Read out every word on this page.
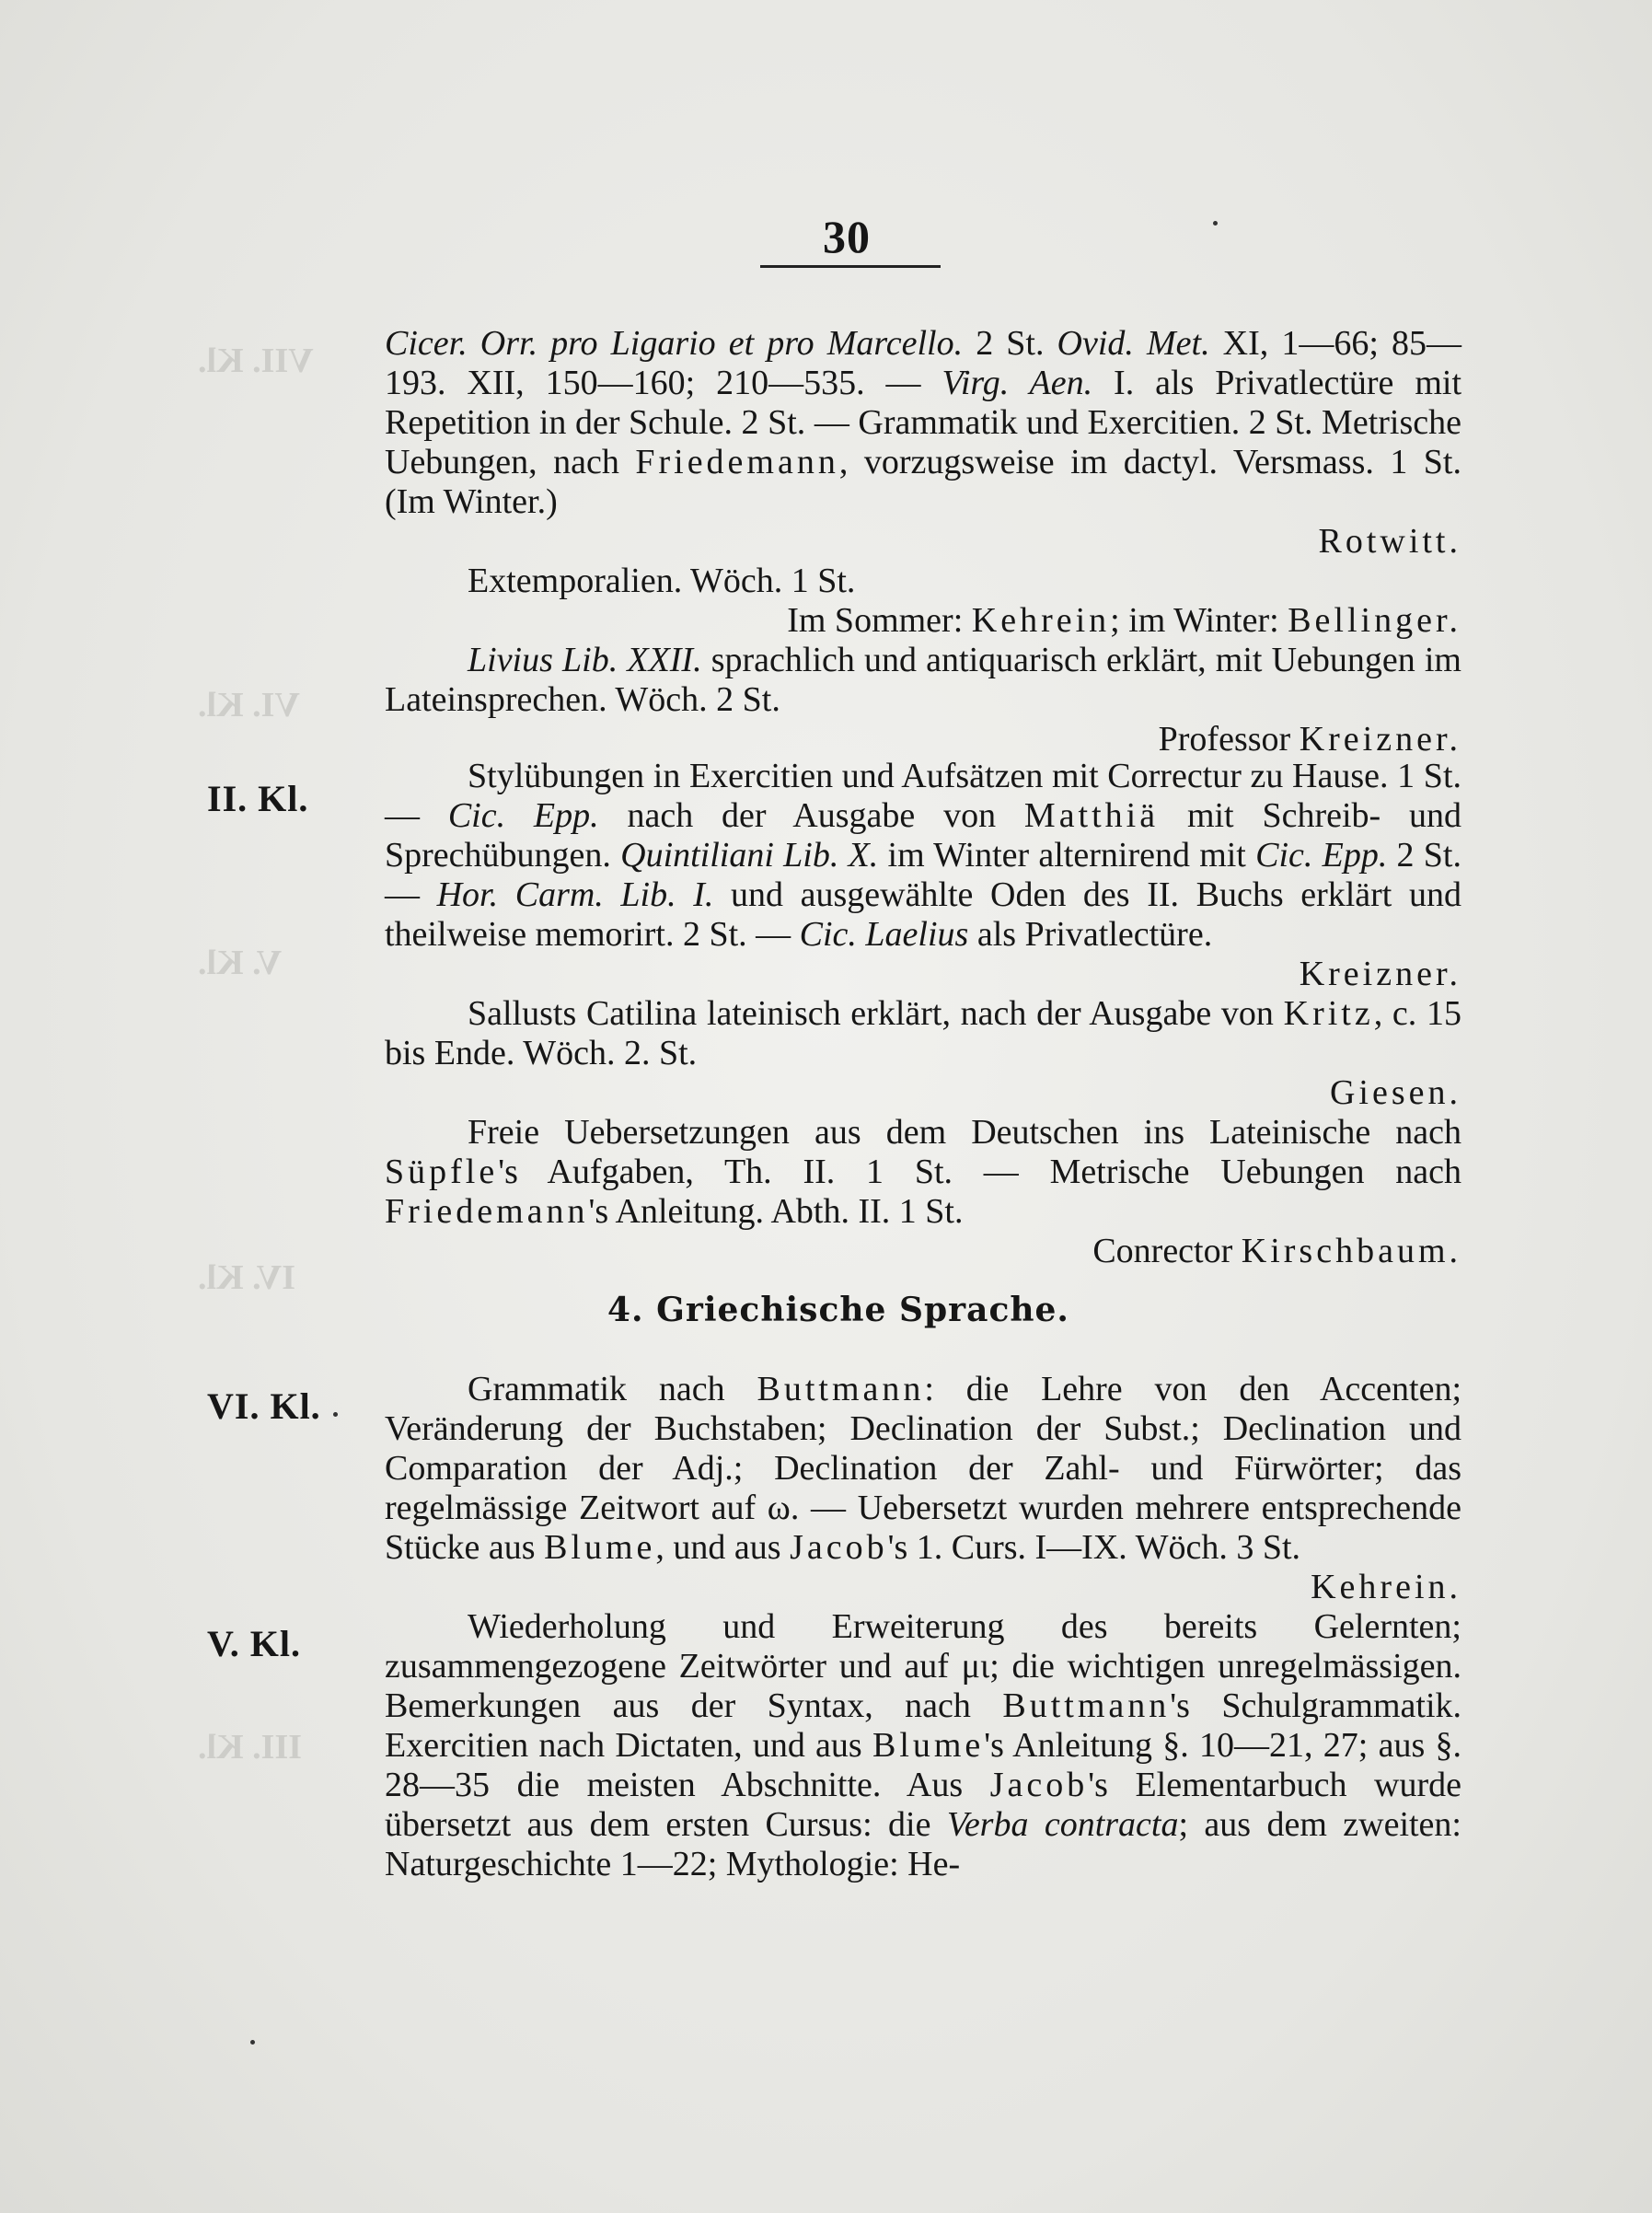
30
VII. Kl.
VI. Kl.
V. Kl.
IV. Kl.
III. Kl.
II. Kl.
VI. Kl.
V. Kl.

Cicer. Orr. pro Ligario et pro Marcello. 2 St. Ovid. Met. XI, 1—66; 85—193. XII, 150—160; 210—535. — Virg. Aen. I. als Privatlectüre mit Repetition in der Schule. 2 St. — Grammatik und Exercitien. 2 St. Metrische Uebungen, nach Friedemann, vorzugsweise im dactyl. Versmass. 1 St. (Im Winter.)

Rotwitt.

Extemporalien. Wöch. 1 St.

Im Sommer: Kehrein; im Winter: Bellinger.

Livius Lib. XXII. sprachlich und antiquarisch erklärt, mit Uebungen im Lateinsprechen. Wöch. 2 St.

Professor Kreizner.

Stylübungen in Exercitien und Aufsätzen mit Correctur zu Hause. 1 St. — Cic. Epp. nach der Ausgabe von Matthiä mit Schreib- und Sprechübungen. Quintiliani Lib. X. im Winter alternirend mit Cic. Epp. 2 St. — Hor. Carm. Lib. I. und ausgewählte Oden des II. Buchs erklärt und theilweise memorirt. 2 St. — Cic. Laelius als Privatlectüre.

Kreizner.

Sallusts Catilina lateinisch erklärt, nach der Ausgabe von Kritz, c. 15 bis Ende. Wöch. 2. St.

Giesen.

Freie Uebersetzungen aus dem Deutschen ins Lateinische nach Süpfle's Aufgaben, Th. II. 1 St. — Metrische Uebungen nach Friedemann's Anleitung. Abth. II. 1 St.

Conrector Kirschbaum.

4. Griechische Sprache.

Grammatik nach Buttmann: die Lehre von den Accenten; Veränderung der Buchstaben; Declination der Subst.; Declination und Comparation der Adj.; Declination der Zahl- und Fürwörter; das regelmässige Zeitwort auf ω. — Uebersetzt wurden mehrere entsprechende Stücke aus Blume, und aus Jacob's 1. Curs. I—IX. Wöch. 3 St.

Kehrein.

Wiederholung und Erweiterung des bereits Gelernten; zusammengezogene Zeitwörter und auf μι; die wichtigen unregelmässigen. Bemerkungen aus der Syntax, nach Buttmann's Schulgrammatik. Exercitien nach Dictaten, und aus Blume's Anleitung §. 10—21, 27; aus §. 28—35 die meisten Abschnitte. Aus Jacob's Elementarbuch wurde übersetzt aus dem ersten Cursus: die Verba contracta; aus dem zweiten: Naturgeschichte 1—22; Mythologie: He-
